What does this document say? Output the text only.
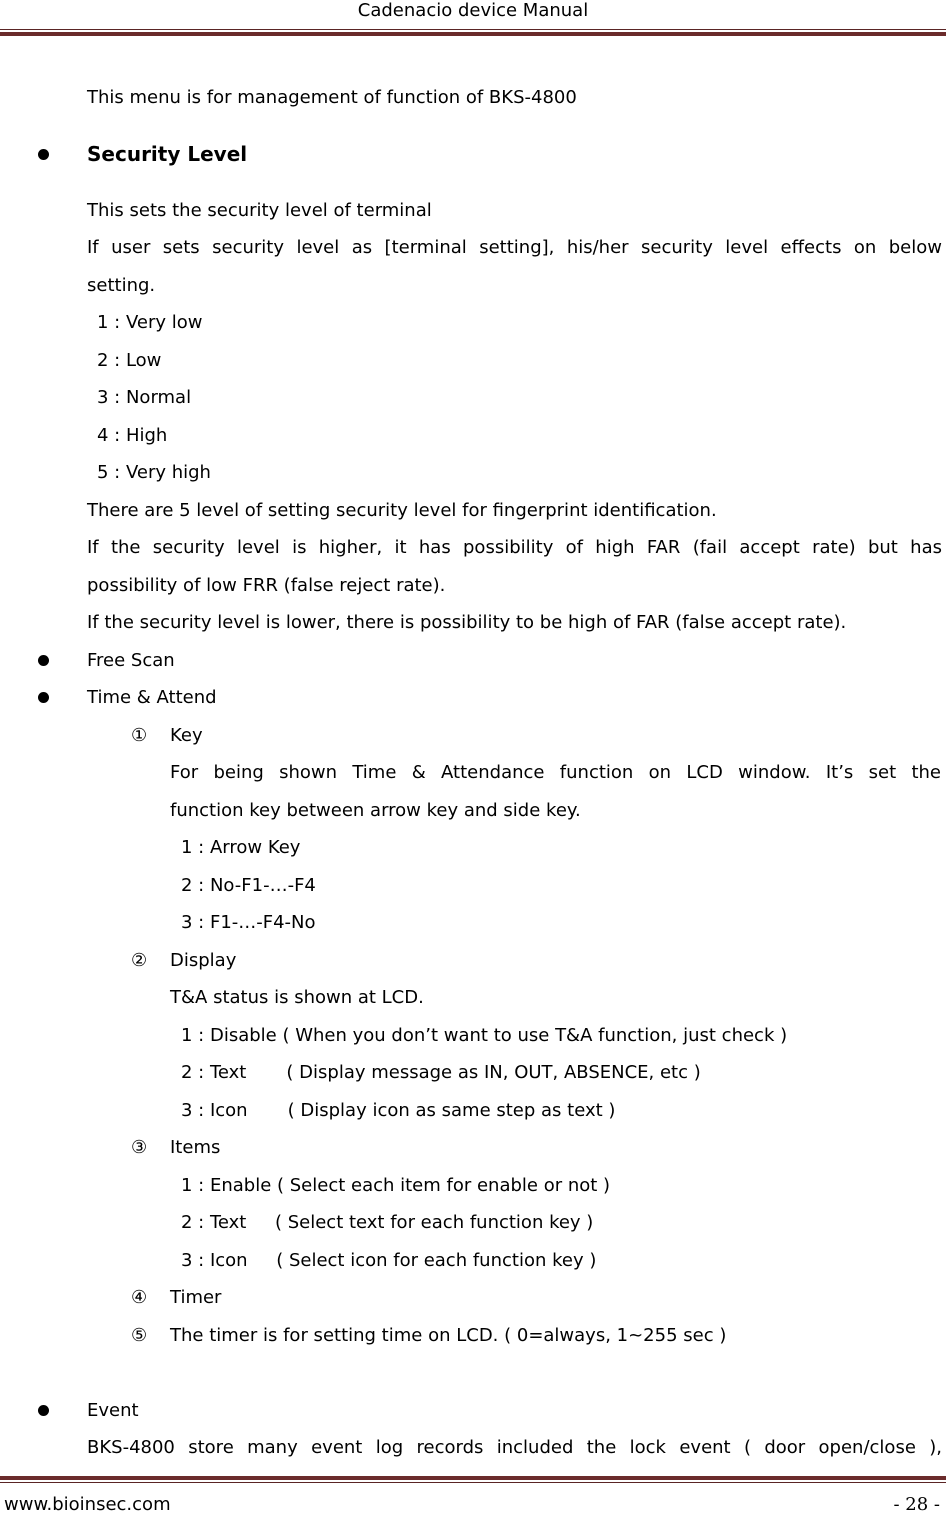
Cadenacio device Manual
This menu is for management of function of BKS-4800
Security Level
This sets the security level of terminal
If user sets security level as [terminal setting], his/her security level effects on below
setting.
1 : Very low
2 : Low
3 : Normal
4 : High
5 : Very high
There are 5 level of setting security level for fingerprint identification.
If the security level is higher, it has possibility of high FAR (fail accept rate) but has
possibility of low FRR (false reject rate).
If the security level is lower, there is possibility to be high of FAR (false accept rate).
Free Scan
Time & Attend
① Key
For being shown Time & Attendance function on LCD window. It’s set the
function key between arrow key and side key.
1 : Arrow Key
2 : No-F1-…-F4
3 : F1-…-F4-No
② Display
T&A status is shown at LCD.
1 : Disable ( When you don’t want to use T&A function, just check )
2 : Text       ( Display message as IN, OUT, ABSENCE, etc )
3 : Icon       ( Display icon as same step as text )
③ Items
1 : Enable ( Select each item for enable or not )
2 : Text     ( Select text for each function key )
3 : Icon     ( Select icon for each function key )
④ Timer
⑤ The timer is for setting time on LCD. ( 0=always, 1~255 sec )
Event
BKS-4800 store many event log records included the lock event ( door open/close ),
www.bioinsec.com	- 28 -
